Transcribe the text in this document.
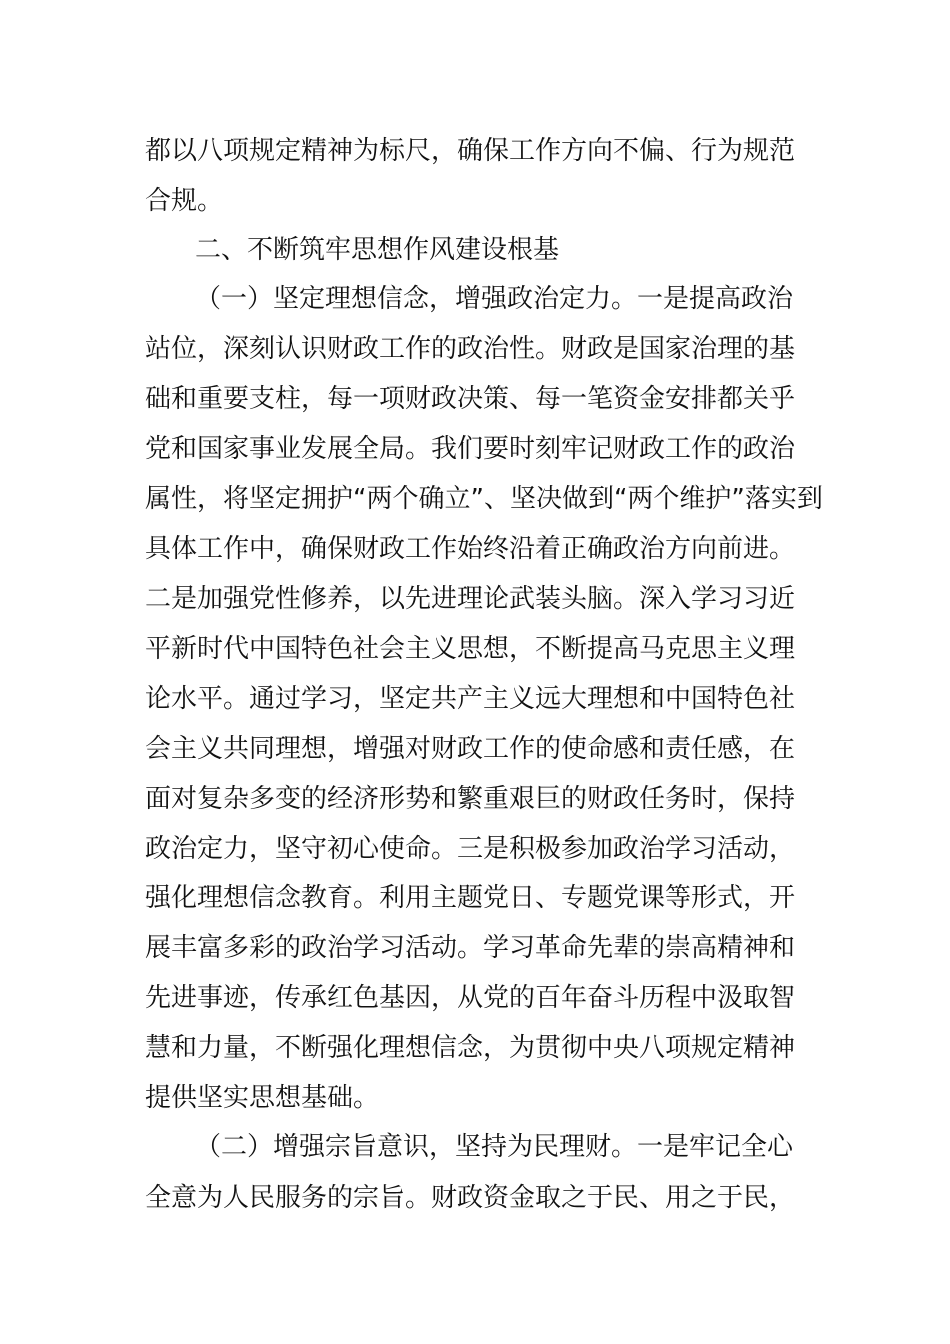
都以八项规定精神为标尺，确保工作方向不偏、行为规范
合规。
二、不断筑牢思想作风建设根基
（一）坚定理想信念，增强政治定力。一是提高政治
站位，深刻认识财政工作的政治性。财政是国家治理的基
础和重要支柱，每一项财政决策、每一笔资金安排都关乎
党和国家事业发展全局。我们要时刻牢记财政工作的政治
属性，将坚定拥护“两个确立”、坚决做到“两个维护”落实到
具体工作中，确保财政工作始终沿着正确政治方向前进。
二是加强党性修养，以先进理论武装头脑。深入学习习近
平新时代中国特色社会主义思想，不断提高马克思主义理
论水平。通过学习，坚定共产主义远大理想和中国特色社
会主义共同理想，增强对财政工作的使命感和责任感，在
面对复杂多变的经济形势和繁重艰巨的财政任务时，保持
政治定力，坚守初心使命。三是积极参加政治学习活动，
强化理想信念教育。利用主题党日、专题党课等形式，开
展丰富多彩的政治学习活动。学习革命先辈的崇高精神和
先进事迹，传承红色基因，从党的百年奋斗历程中汲取智
慧和力量，不断强化理想信念，为贯彻中央八项规定精神
提供坚实思想基础。
（二）增强宗旨意识，坚持为民理财。一是牢记全心
全意为人民服务的宗旨。财政资金取之于民、用之于民，
